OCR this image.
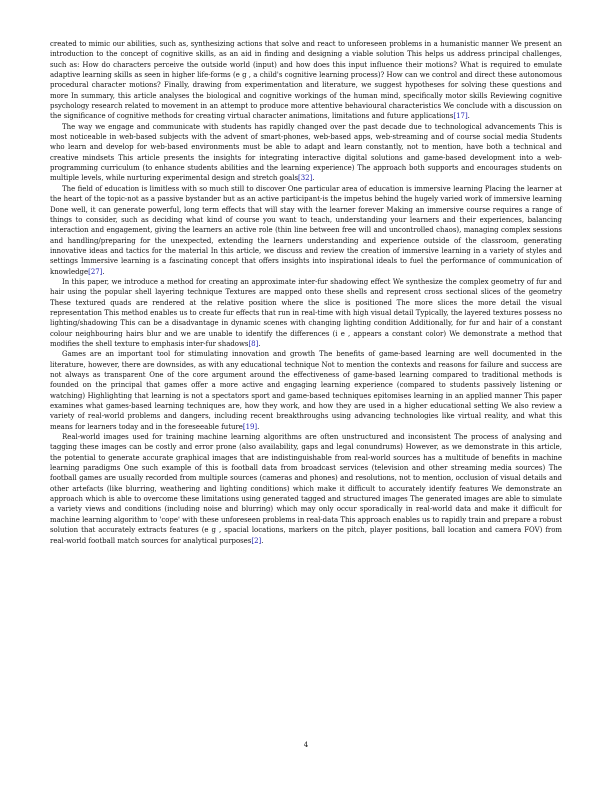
created to mimic our abilities, such as, synthesizing actions that solve and react to unforeseen problems in a humanistic manner We present an introduction to the concept of cognitive skills, as an aid in finding and designing a viable solution This helps us address principal challenges, such as: How do characters perceive the outside world (input) and how does this input influence their motions? What is required to emulate adaptive learning skills as seen in higher life-forms (e g , a child's cognitive learning process)? How can we control and direct these autonomous procedural character motions? Finally, drawing from experimentation and literature, we suggest hypotheses for solving these questions and more In summary, this article analyses the biological and cognitive workings of the human mind, specifically motor skills Reviewing cognitive psychology research related to movement in an attempt to produce more attentive behavioural characteristics We conclude with a discussion on the significance of cognitive methods for creating virtual character animations, limitations and future applications[17].

The way we engage and communicate with students has rapidly changed over the past decade due to technological advancements This is most noticeable in web-based subjects with the advent of smart-phones, web-based apps, web-streaming and of course social media Students who learn and develop for web-based environments must be able to adapt and learn constantly, not to mention, have both a technical and creative mindsets This article presents the insights for integrating interactive digital solutions and game-based development into a web-programming curriculum (to enhance students abilities and the learning experience) The approach both supports and encourages students on multiple levels, while nurturing experimental design and stretch goals[32].

The field of education is limitless with so much still to discover One particular area of education is immersive learning Placing the learner at the heart of the topic-not as a passive bystander but as an active participant-is the impetus behind the hugely varied work of immersive learning Done well, it can generate powerful, long term effects that will stay with the learner forever Making an immersive course requires a range of things to consider, such as deciding what kind of course you want to teach, understanding your learners and their experiences, balancing interaction and engagement, giving the learners an active role (thin line between free will and uncontrolled chaos), managing complex sessions and handling/preparing for the unexpected, extending the learners understanding and experience outside of the classroom, generating innovative ideas and tactics for the material In this article, we discuss and review the creation of immersive learning in a variety of styles and settings Immersive learning is a fascinating concept that offers insights into inspirational ideals to fuel the performance of communication of knowledge[27].

In this paper, we introduce a method for creating an approximate inter-fur shadowing effect We synthesize the complex geometry of fur and hair using the popular shell layering technique Textures are mapped onto these shells and represent cross sectional slices of the geometry These textured quads are rendered at the relative position where the slice is positioned The more slices the more detail the visual representation This method enables us to create fur effects that run in real-time with high visual detail Typically, the layered textures possess no lighting/shadowing This can be a disadvantage in dynamic scenes with changing lighting condition Additionally, for fur and hair of a constant colour neighbouring hairs blur and we are unable to identify the differences (i e , appears a constant color) We demonstrate a method that modifies the shell texture to emphasis inter-fur shadows[8].

Games are an important tool for stimulating innovation and growth The benefits of game-based learning are well documented in the literature, however, there are downsides, as with any educational technique Not to mention the contexts and reasons for failure and success are not always as transparent One of the core argument around the effectiveness of game-based learning compared to traditional methods is founded on the principal that games offer a more active and engaging learning experience (compared to students passively listening or watching) Highlighting that learning is not a spectators sport and game-based techniques epitomises learning in an applied manner This paper examines what games-based learning techniques are, how they work, and how they are used in a higher educational setting We also review a variety of real-world problems and dangers, including recent breakthroughs using advancing technologies like virtual reality, and what this means for learners today and in the foreseeable future[19].

Real-world images used for training machine learning algorithms are often unstructured and inconsistent The process of analysing and tagging these images can be costly and error prone (also availability, gaps and legal conundrums) However, as we demonstrate in this article, the potential to generate accurate graphical images that are indistinguishable from real-world sources has a multitude of benefits in machine learning paradigms One such example of this is football data from broadcast services (television and other streaming media sources) The football games are usually recorded from multiple sources (cameras and phones) and resolutions, not to mention, occlusion of visual details and other artefacts (like blurring, weathering and lighting conditions) which make it difficult to accurately identify features We demonstrate an approach which is able to overcome these limitations using generated tagged and structured images The generated images are able to simulate a variety views and conditions (including noise and blurring) which may only occur sporadically in real-world data and make it difficult for machine learning algorithm to 'cope' with these unforeseen problems in real-data This approach enables us to rapidly train and prepare a robust solution that accurately extracts features (e g , spacial locations, markers on the pitch, player positions, ball location and camera FOV) from real-world football match sources for analytical purposes[2].

4
